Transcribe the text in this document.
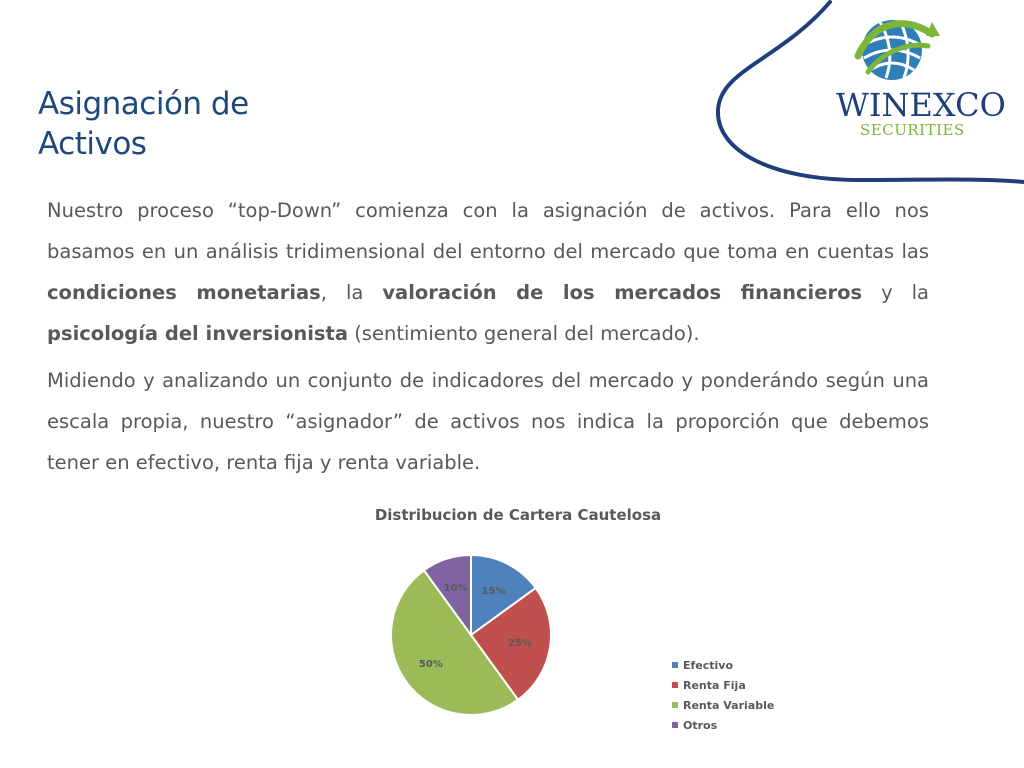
WINEXCO
SECURITIES
Asignación de
Activos

Nuestro proceso “top-Down” comienza con la asignación de activos. Para ello nos basamos en un análisis tridimensional del entorno del mercado que toma en cuentas las condiciones monetarias, la valoración de los mercados financieros y la psicología del inversionista (sentimiento general del mercado).

Midiendo y analizando un conjunto de indicadores del mercado y ponderándo según una escala propia, nuestro “asignador” de activos nos indica la proporción que debemos tener en efectivo, renta fija y renta variable.

Distribucion de Cartera Cautelosa
15%
25%
50%
10%
Efectivo
Renta Fija
Renta Variable
Otros
